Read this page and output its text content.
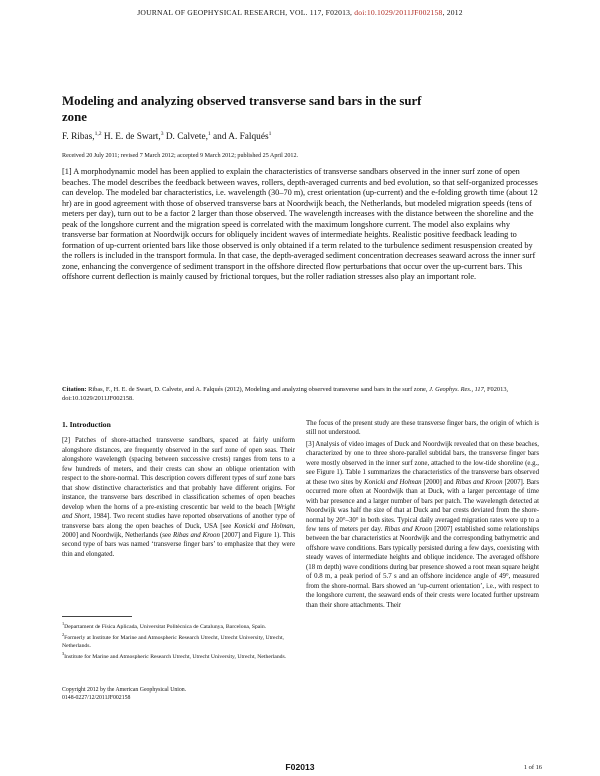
JOURNAL OF GEOPHYSICAL RESEARCH, VOL. 117, F02013, doi:10.1029/2011JF002158, 2012
Modeling and analyzing observed transverse sand bars in the surf zone
F. Ribas,$^{1,2}$ H. E. de Swart,$^3$ D. Calvete,$^1$ and A. Falqués$^1$
Received 20 July 2011; revised 7 March 2012; accepted 9 March 2012; published 25 April 2012.

[1] A morphodynamic model has been applied to explain the characteristics of transverse sandbars observed in the inner surf zone of open beaches. The model describes the feedback between waves, rollers, depth-averaged currents and bed evolution, so that self-organized processes can develop. The modeled bar characteristics, i.e. wavelength (30–70 m), crest orientation (up-current) and the e-folding growth time (about 12 hr) are in good agreement with those of observed transverse bars at Noordwijk beach, the Netherlands, but modeled migration speeds (tens of meters per day), turn out to be a factor 2 larger than those observed. The wavelength increases with the distance between the shoreline and the peak of the longshore current and the migration speed is correlated with the maximum longshore current. The model also explains why transverse bar formation at Noordwijk occurs for obliquely incident waves of intermediate heights. Realistic positive feedback leading to formation of up-current oriented bars like those observed is only obtained if a term related to the turbulence sediment resuspension created by the rollers is included in the transport formula. In that case, the depth-averaged sediment concentration decreases seaward across the inner surf zone, enhancing the convergence of sediment transport in the offshore directed flow perturbations that occur over the up-current bars. This offshore current deflection is mainly caused by frictional torques, but the roller radiation stresses also play an important role.

Citation: Ribas, F., H. E. de Swart, D. Calvete, and A. Falqués (2012), Modeling and analyzing observed transverse sand bars in the surf zone, J. Geophys. Res., 117, F02013, doi:10.1029/2011JF002158.

1. Introduction

[2] Patches of shore-attached transverse sandbars, spaced at fairly uniform alongshore distances, are frequently observed in the surf zone of open seas. Their alongshore wavelength (spacing between successive crests) ranges from tens to a few hundreds of meters, and their crests can show an oblique orientation with respect to the shore-normal. This description covers different types of surf zone bars that show distinctive characteristics and that probably have different origins. For instance, the transverse bars described in classification schemes of open beaches develop when the horns of a pre-existing crescentic bar weld to the beach [Wright and Short, 1984]. Two recent studies have reported observations of another type of transverse bars along the open beaches of Duck, USA [see Konicki and Holman, 2000] and Noordwijk, Netherlands (see Ribas and Kroon [2007] and Figure 1). This second type of bars was named ‘transverse finger bars’ to emphasize that they were thin and elongated.

$^1$Departament de Física Aplicada, Universitat Politècnica de Catalunya, Barcelona, Spain.

$^2$Formerly at Institute for Marine and Atmospheric Research Utrecht, Utrecht University, Utrecht, Netherlands.

$^3$Institute for Marine and Atmospheric Research Utrecht, Utrecht University, Utrecht, Netherlands.

Copyright 2012 by the American Geophysical Union.
0148-0227/12/2011JF002158

The focus of the present study are these transverse finger bars, the origin of which is still not understood.

[3] Analysis of video images of Duck and Noordwijk revealed that on these beaches, characterized by one to three shore-parallel subtidal bars, the transverse finger bars were mostly observed in the inner surf zone, attached to the low-tide shoreline (e.g., see Figure 1). Table 1 summarizes the characteristics of the transverse bars observed at these two sites by Konicki and Holman [2000] and Ribas and Kroon [2007]. Bars occurred more often at Noordwijk than at Duck, with a larger percentage of time with bar presence and a larger number of bars per patch. The wavelength detected at Noordwijk was half the size of that at Duck and bar crests deviated from the shore-normal by 20°–30° in both sites. Typical daily averaged migration rates were up to a few tens of meters per day. Ribas and Kroon [2007] established some relationships between the bar characteristics at Noordwijk and the corresponding bathymetric and offshore wave conditions. Bars typically persisted during a few days, coexisting with steady waves of intermediate heights and oblique incidence. The averaged offshore (18 m depth) wave conditions during bar presence showed a root mean square height of 0.8 m, a peak period of 5.7 s and an offshore incidence angle of 49°, measured from the shore-normal. Bars showed an ‘up-current orientation’, i.e., with respect to the longshore current, the seaward ends of their crests were located further upstream than their shore attachments. Their

F02013	1 of 16
